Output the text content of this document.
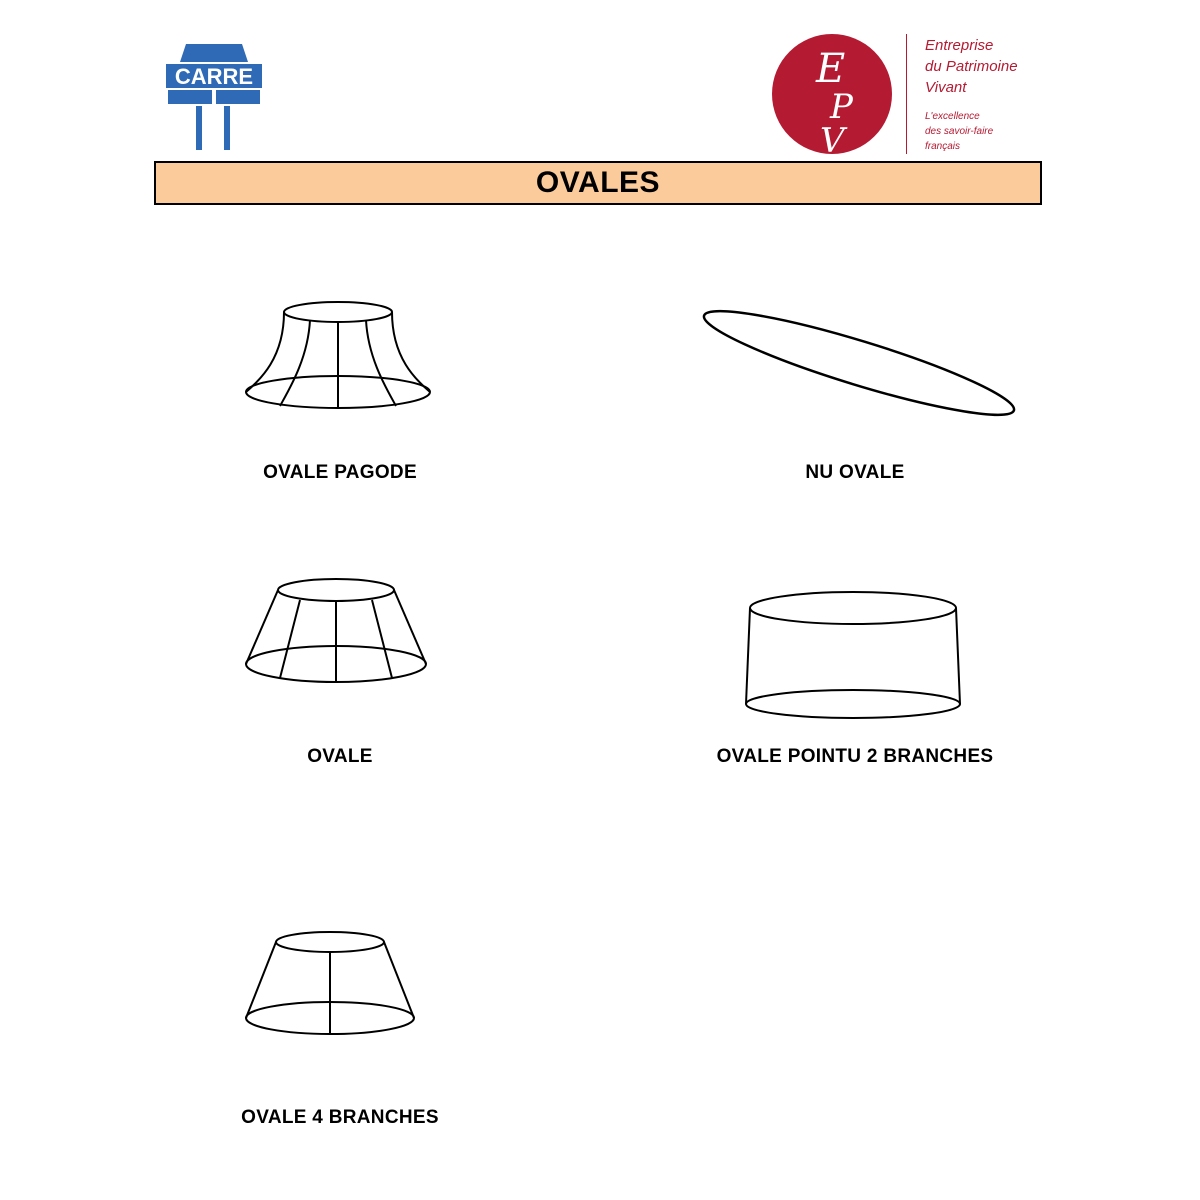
CARRE	E
P
V
Entreprise
du Patrimoine
Vivant
L'excellence
des savoir-faire
français
OVALES
OVALE PAGODE	NU OVALE
OVALE	OVALE POINTU 2 BRANCHES
OVALE 4 BRANCHES
